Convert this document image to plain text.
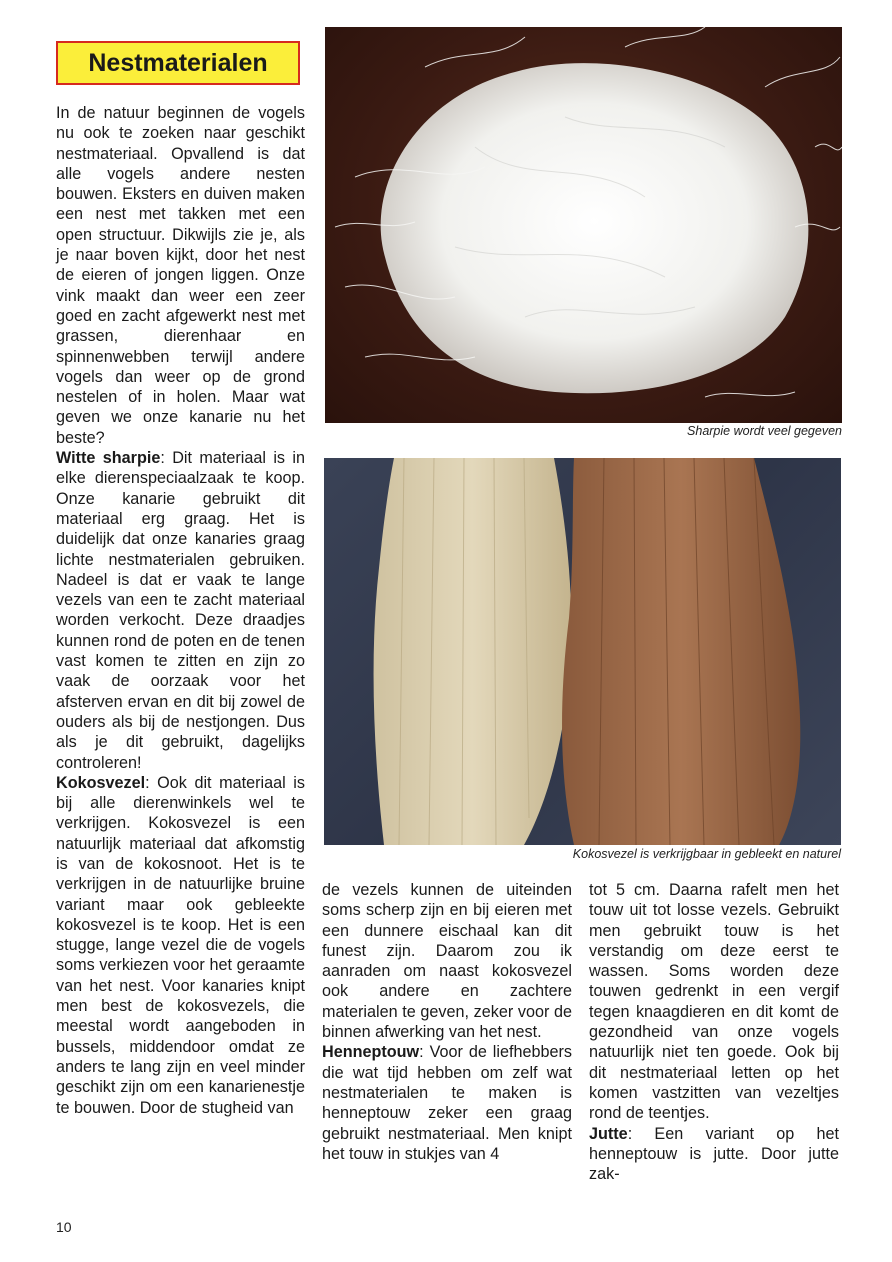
Nestmaterialen

In de natuur beginnen de vogels nu ook te zoeken naar geschikt nestmateriaal. Opvallend is dat alle vogels andere nesten bouwen. Eksters en duiven maken een nest met takken met een open structuur. Dikwijls zie je, als je naar boven kijkt, door het nest de eieren of jongen liggen. Onze vink maakt dan weer een zeer goed en zacht afgewerkt nest met grassen, dierenhaar en spinnenwebben terwijl andere vogels dan weer op de grond nestelen of in holen. Maar wat geven we onze kanarie nu het beste?

Witte sharpie: Dit materiaal is in elke dierenspeciaalzaak te koop. Onze kanarie gebruikt dit materiaal erg graag. Het is duidelijk dat onze kanaries graag lichte nestmaterialen gebruiken. Nadeel is dat er vaak te lange vezels van een te zacht materiaal worden verkocht. Deze draadjes kunnen rond de poten en de tenen vast komen te zitten en zijn zo vaak de oorzaak voor het afsterven ervan en dit bij zowel de ouders als bij de nestjongen. Dus als je dit gebruikt, dagelijks controleren!

Kokosvezel: Ook dit materiaal is bij alle dierenwinkels wel te verkrijgen. Kokosvezel is een natuurlijk materiaal dat afkomstig is van de kokosnoot. Het is te verkrijgen in de natuurlijke bruine variant maar ook gebleekte kokosvezel is te koop. Het is een stugge, lange vezel die de vogels soms verkiezen voor het geraamte van het nest. Voor kanaries knipt men best de kokosvezels, die meestal wordt aangeboden in bussels, middendoor omdat ze anders te lang zijn en veel minder geschikt zijn om een kanarienestje te bouwen. Door de stugheid van

Sharpie wordt veel gegeven
Kokosvezel is verkrijgbaar in gebleekt en naturel

de vezels kunnen de uiteinden soms scherp zijn en bij eieren met een dunnere eischaal kan dit funest zijn. Daarom zou ik aanraden om naast kokosvezel ook andere en zachtere materialen te geven, zeker voor de binnen afwerking van het nest.

Henneptouw: Voor de liefhebbers die wat tijd hebben om zelf wat nestmaterialen te maken is henneptouw zeker een graag gebruikt nestmateriaal. Men knipt het touw in stukjes van 4

tot 5 cm. Daarna rafelt men het touw uit tot losse vezels. Gebruikt men gebruikt touw is het verstandig om deze eerst te wassen. Soms worden deze touwen gedrenkt in een vergif tegen knaagdieren en dit komt de gezondheid van onze vogels natuurlijk niet ten goede. Ook bij dit nestmateriaal letten op het komen vastzitten van vezeltjes rond de teentjes.

Jutte: Een variant op het henneptouw is jutte. Door jutte zak-

10
